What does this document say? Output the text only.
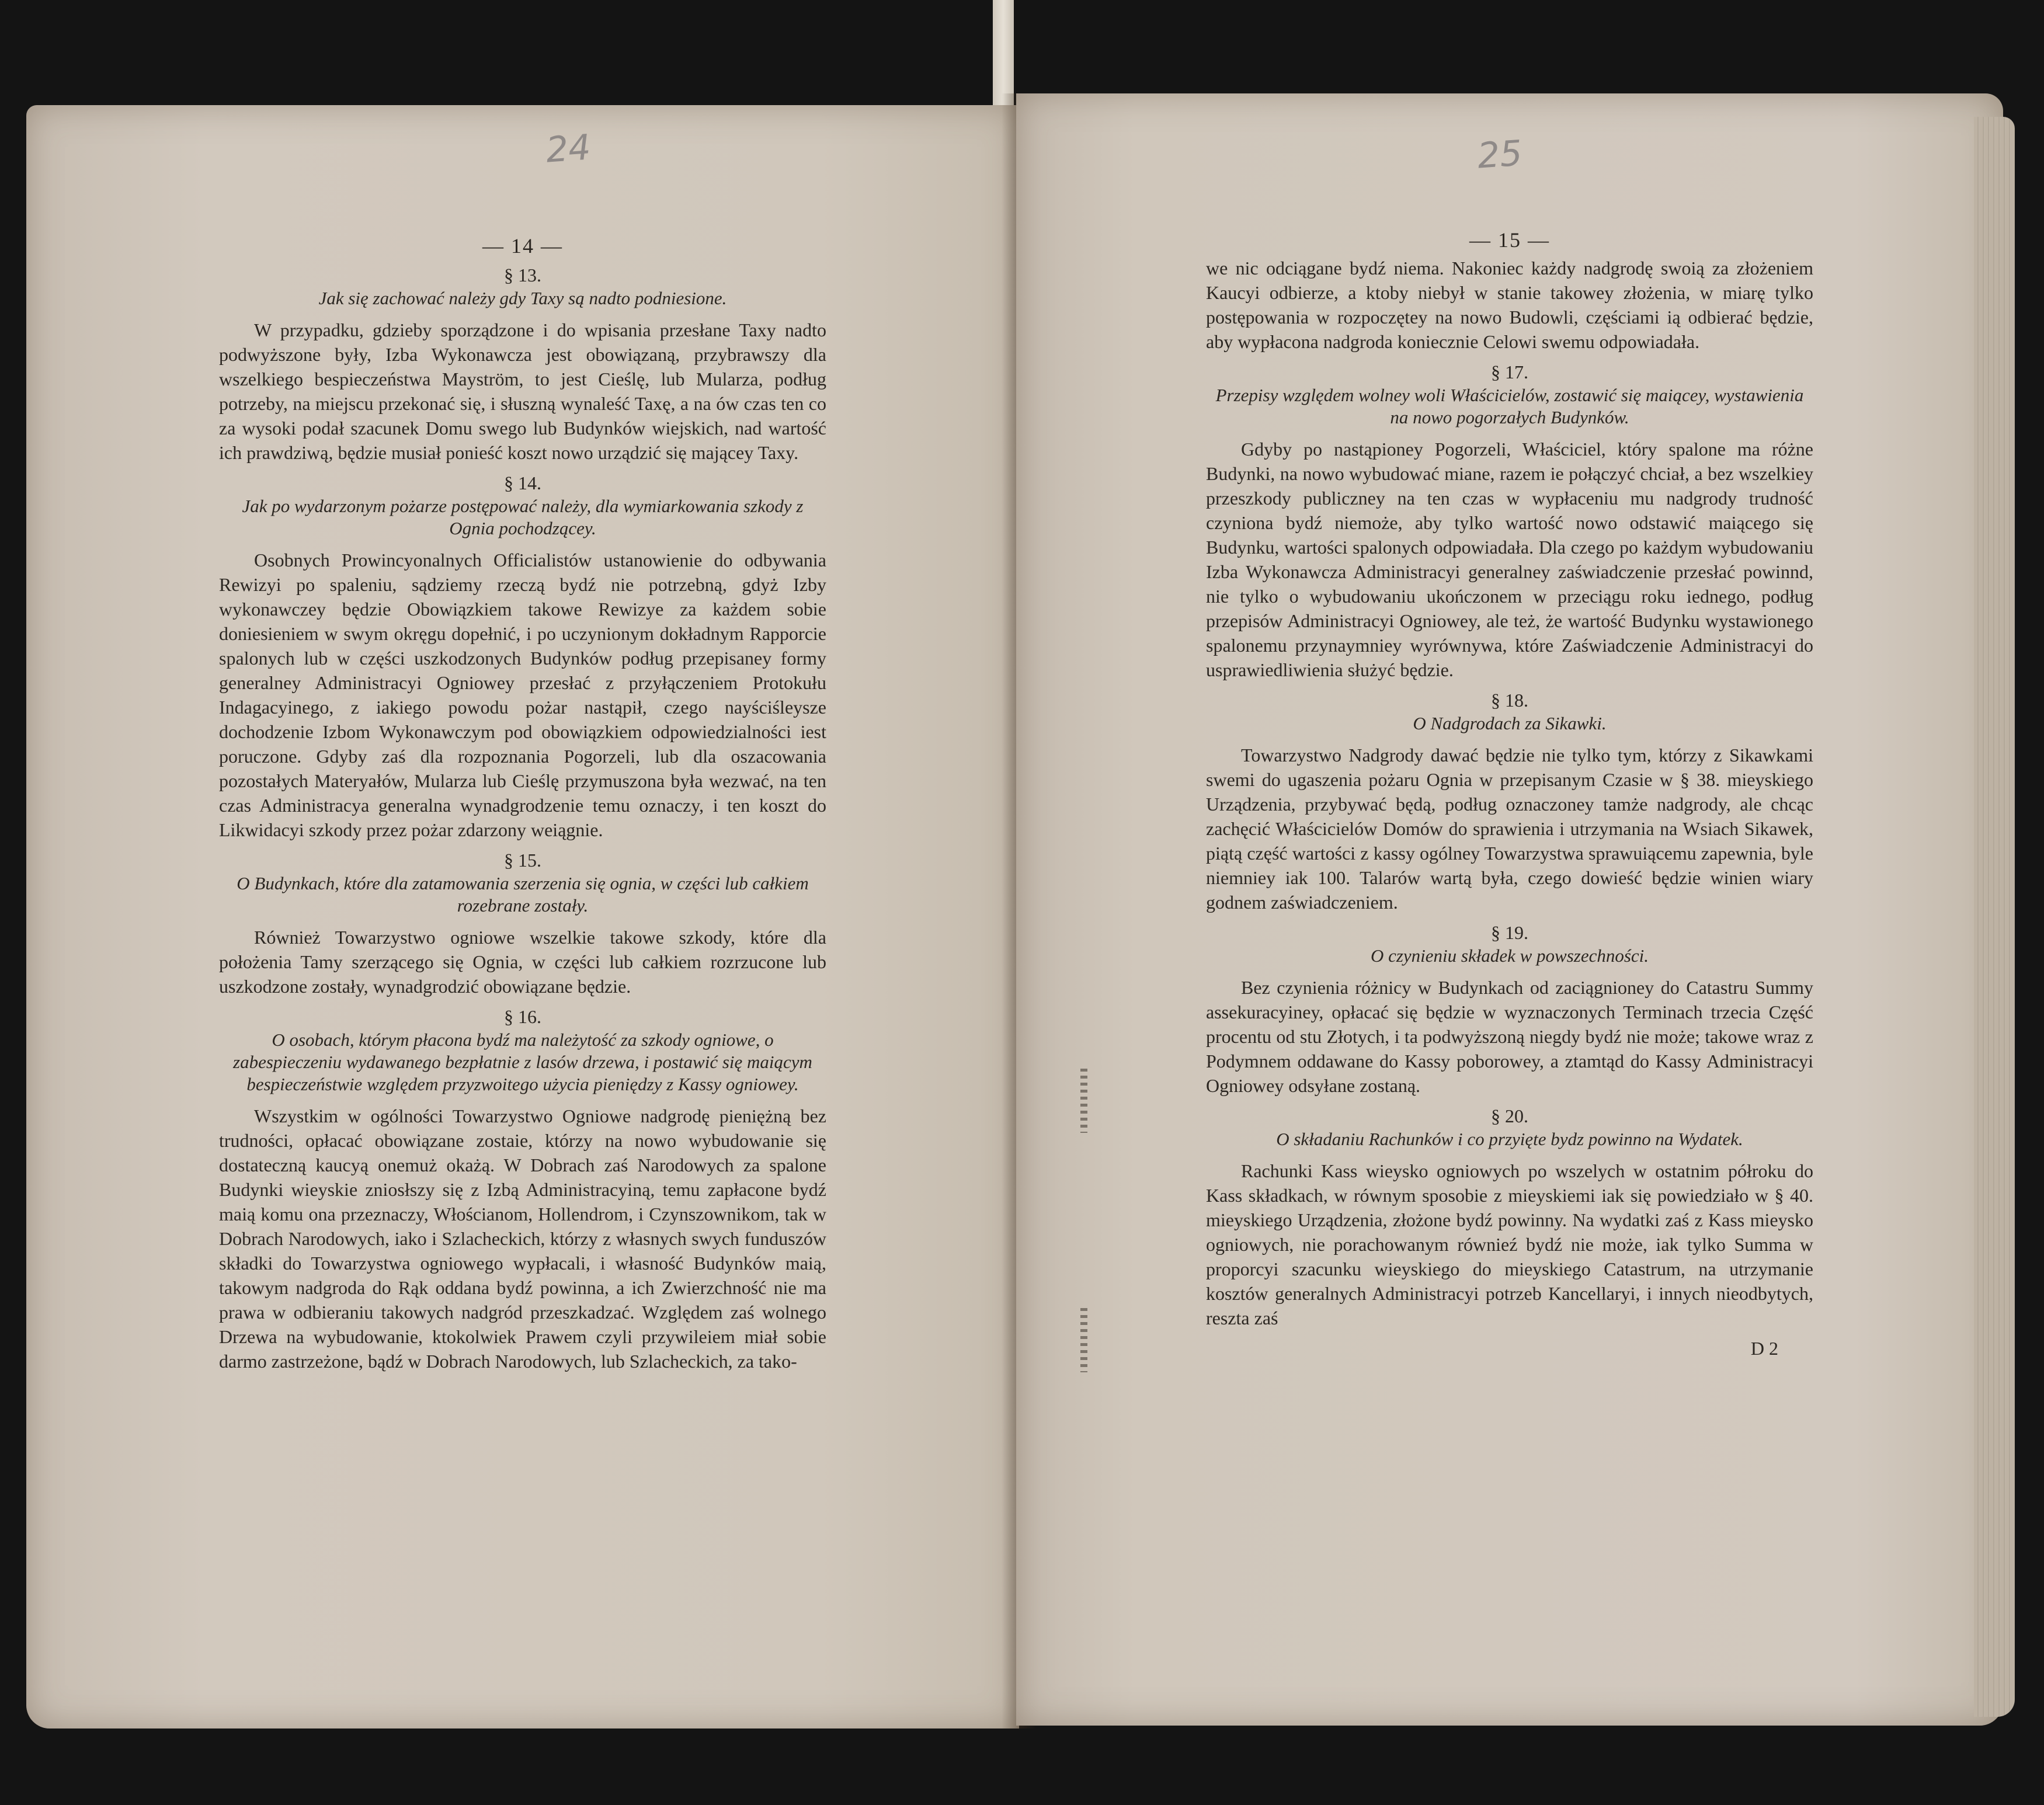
24
— 14 —
§ 13.
Jak się zachować należy gdy Taxy są nadto podniesione.

W przypadku, gdzieby sporządzone i do wpisania przesłane Taxy nadto podwyższone były, Izba Wykonawcza jest obowiązaną, przybrawszy dla wszelkiego bespieczeństwa Mayström, to jest Cieślę, lub Mularza, podług potrzeby, na miejscu przekonać się, i słuszną wynaleść Taxę, a na ów czas ten co za wysoki podał szacunek Domu swego lub Budynków wiejskich, nad wartość ich prawdziwą, będzie musiał ponieść koszt nowo urządzić się mającey Taxy.

§ 14.
Jak po wydarzonym pożarze postępować należy, dla wymiarkowania szkody z Ognia pochodzącey.

Osobnych Prowincyonalnych Officialistów ustanowienie do odbywania Rewizyi po spaleniu, sądziemy rzeczą bydź nie potrzebną, gdyż Izby wykonawczey będzie Obowiązkiem takowe Rewizye za każdem sobie doniesieniem w swym okręgu dopełnić, i po uczynionym dokładnym Rapporcie spalonych lub w części uszkodzonych Budynków podług przepisaney formy generalney Administracyi Ogniowey przesłać z przyłączeniem Protokułu Indagacyinego, z iakiego powodu pożar nastąpił, czego nayściśleysze dochodzenie Izbom Wykonawczym pod obowiązkiem odpowiedzialności iest poruczone. Gdyby zaś dla rozpoznania Pogorzeli, lub dla oszacowania pozostałych Materyałów, Mularza lub Cieślę przymuszona była wezwać, na ten czas Administracya generalna wynadgrodzenie temu oznaczy, i ten koszt do Likwidacyi szkody przez pożar zdarzony weiągnie.

§ 15.
O Budynkach, które dla zatamowania szerzenia się ognia, w części lub całkiem rozebrane zostały.

Również Towarzystwo ogniowe wszelkie takowe szkody, które dla położenia Tamy szerzącego się Ognia, w części lub całkiem rozrzucone lub uszkodzone zostały, wynadgrodzić obowiązane będzie.

§ 16.
O osobach, którym płacona bydź ma należytość za szkody ogniowe, o zabespieczeniu wydawanego bezpłatnie z lasów drzewa, i postawić się maiącym bespieczeństwie względem przyzwoitego użycia pieniędzy z Kassy ogniowey.

Wszystkim w ogólności Towarzystwo Ogniowe nadgrodę pieniężną bez trudności, opłacać obowiązane zostaie, którzy na nowo wybudowanie się dostateczną kaucyą onemuż okażą. W Dobrach zaś Narodowych za spalone Budynki wieyskie zniosłszy się z Izbą Administracyiną, temu zapłacone bydź maią komu ona przeznaczy, Włościanom, Hollendrom, i Czynszownikom, tak w Dobrach Narodowych, iako i Szlacheckich, którzy z własnych swych funduszów składki do Towarzystwa ogniowego wypłacali, i własność Budynków maią, takowym nadgroda do Rąk oddana bydź powinna, a ich Zwierzchność nie ma prawa w odbieraniu takowych nadgród przeszkadzać. Względem zaś wolnego Drzewa na wybudowanie, ktokolwiek Prawem czyli przywileiem miał sobie darmo zastrzeżone, bądź w Dobrach Narodowych, lub Szlacheckich, za tako-

25
— 15 —

we nic odciągane bydź niema. Nakoniec każdy nadgrodę swoią za złożeniem Kaucyi odbierze, a ktoby niebył w stanie takowey złożenia, w miarę tylko postępowania w rozpoczętey na nowo Budowli, częściami ią odbierać będzie, aby wypłacona nadgroda koniecznie Celowi swemu odpowiadała.

§ 17.
Przepisy względem wolney woli Właścicielów, zostawić się maiącey, wystawienia na nowo pogorzałych Budynków.

Gdyby po nastąpioney Pogorzeli, Właściciel, który spalone ma różne Budynki, na nowo wybudować miane, razem ie połączyć chciał, a bez wszelkiey przeszkody publiczney na ten czas w wypłaceniu mu nadgrody trudność czyniona bydź niemoże, aby tylko wartość nowo odstawić maiącego się Budynku, wartości spalonych odpowiadała. Dla czego po każdym wybudowaniu Izba Wykonawcza Administracyi generalney zaświadczenie przesłać powinnd, nie tylko o wybudowaniu ukończonem w przeciągu roku iednego, podług przepisów Administracyi Ogniowey, ale też, że wartość Budynku wystawionego spalonemu przynaymniey wyrównywa, które Zaświadczenie Administracyi do usprawiedliwienia służyć będzie.

§ 18.
O Nadgrodach za Sikawki.

Towarzystwo Nadgrody dawać będzie nie tylko tym, którzy z Sikawkami swemi do ugaszenia pożaru Ognia w przepisanym Czasie w § 38. mieyskiego Urządzenia, przybywać będą, podług oznaczoney tamże nadgrody, ale chcąc zachęcić Właścicielów Domów do sprawienia i utrzymania na Wsiach Sikawek, piątą część wartości z kassy ogólney Towarzystwa sprawuiącemu zapewnia, byle niemniey iak 100. Talarów wartą była, czego dowieść będzie winien wiary godnem zaświadczeniem.

§ 19.
O czynieniu składek w powszechności.

Bez czynienia różnicy w Budynkach od zaciągnioney do Catastru Summy assekuracyiney, opłacać się będzie w wyznaczonych Terminach trzecia Część procentu od stu Złotych, i ta podwyższoną niegdy bydź nie może; takowe wraz z Podymnem oddawane do Kassy poborowey, a ztamtąd do Kassy Administracyi Ogniowey odsyłane zostaną.

§ 20.
O składaniu Rachunków i co przyięte bydz powinno na Wydatek.

Rachunki Kass wieysko ogniowych po wszelych w ostatnim półroku do Kass składkach, w równym sposobie z mieyskiemi iak się powiedziało w § 40. mieyskiego Urządzenia, złożone bydź powinny. Na wydatki zaś z Kass mieysko ogniowych, nie porachowanym równieź bydź nie może, iak tylko Summa w proporcyi szacunku wieyskiego do mieyskiego Catastrum, na utrzymanie kosztów generalnych Administracyi potrzeb Kancellaryi, i innych nieodbytych, reszta zaś

D 2
